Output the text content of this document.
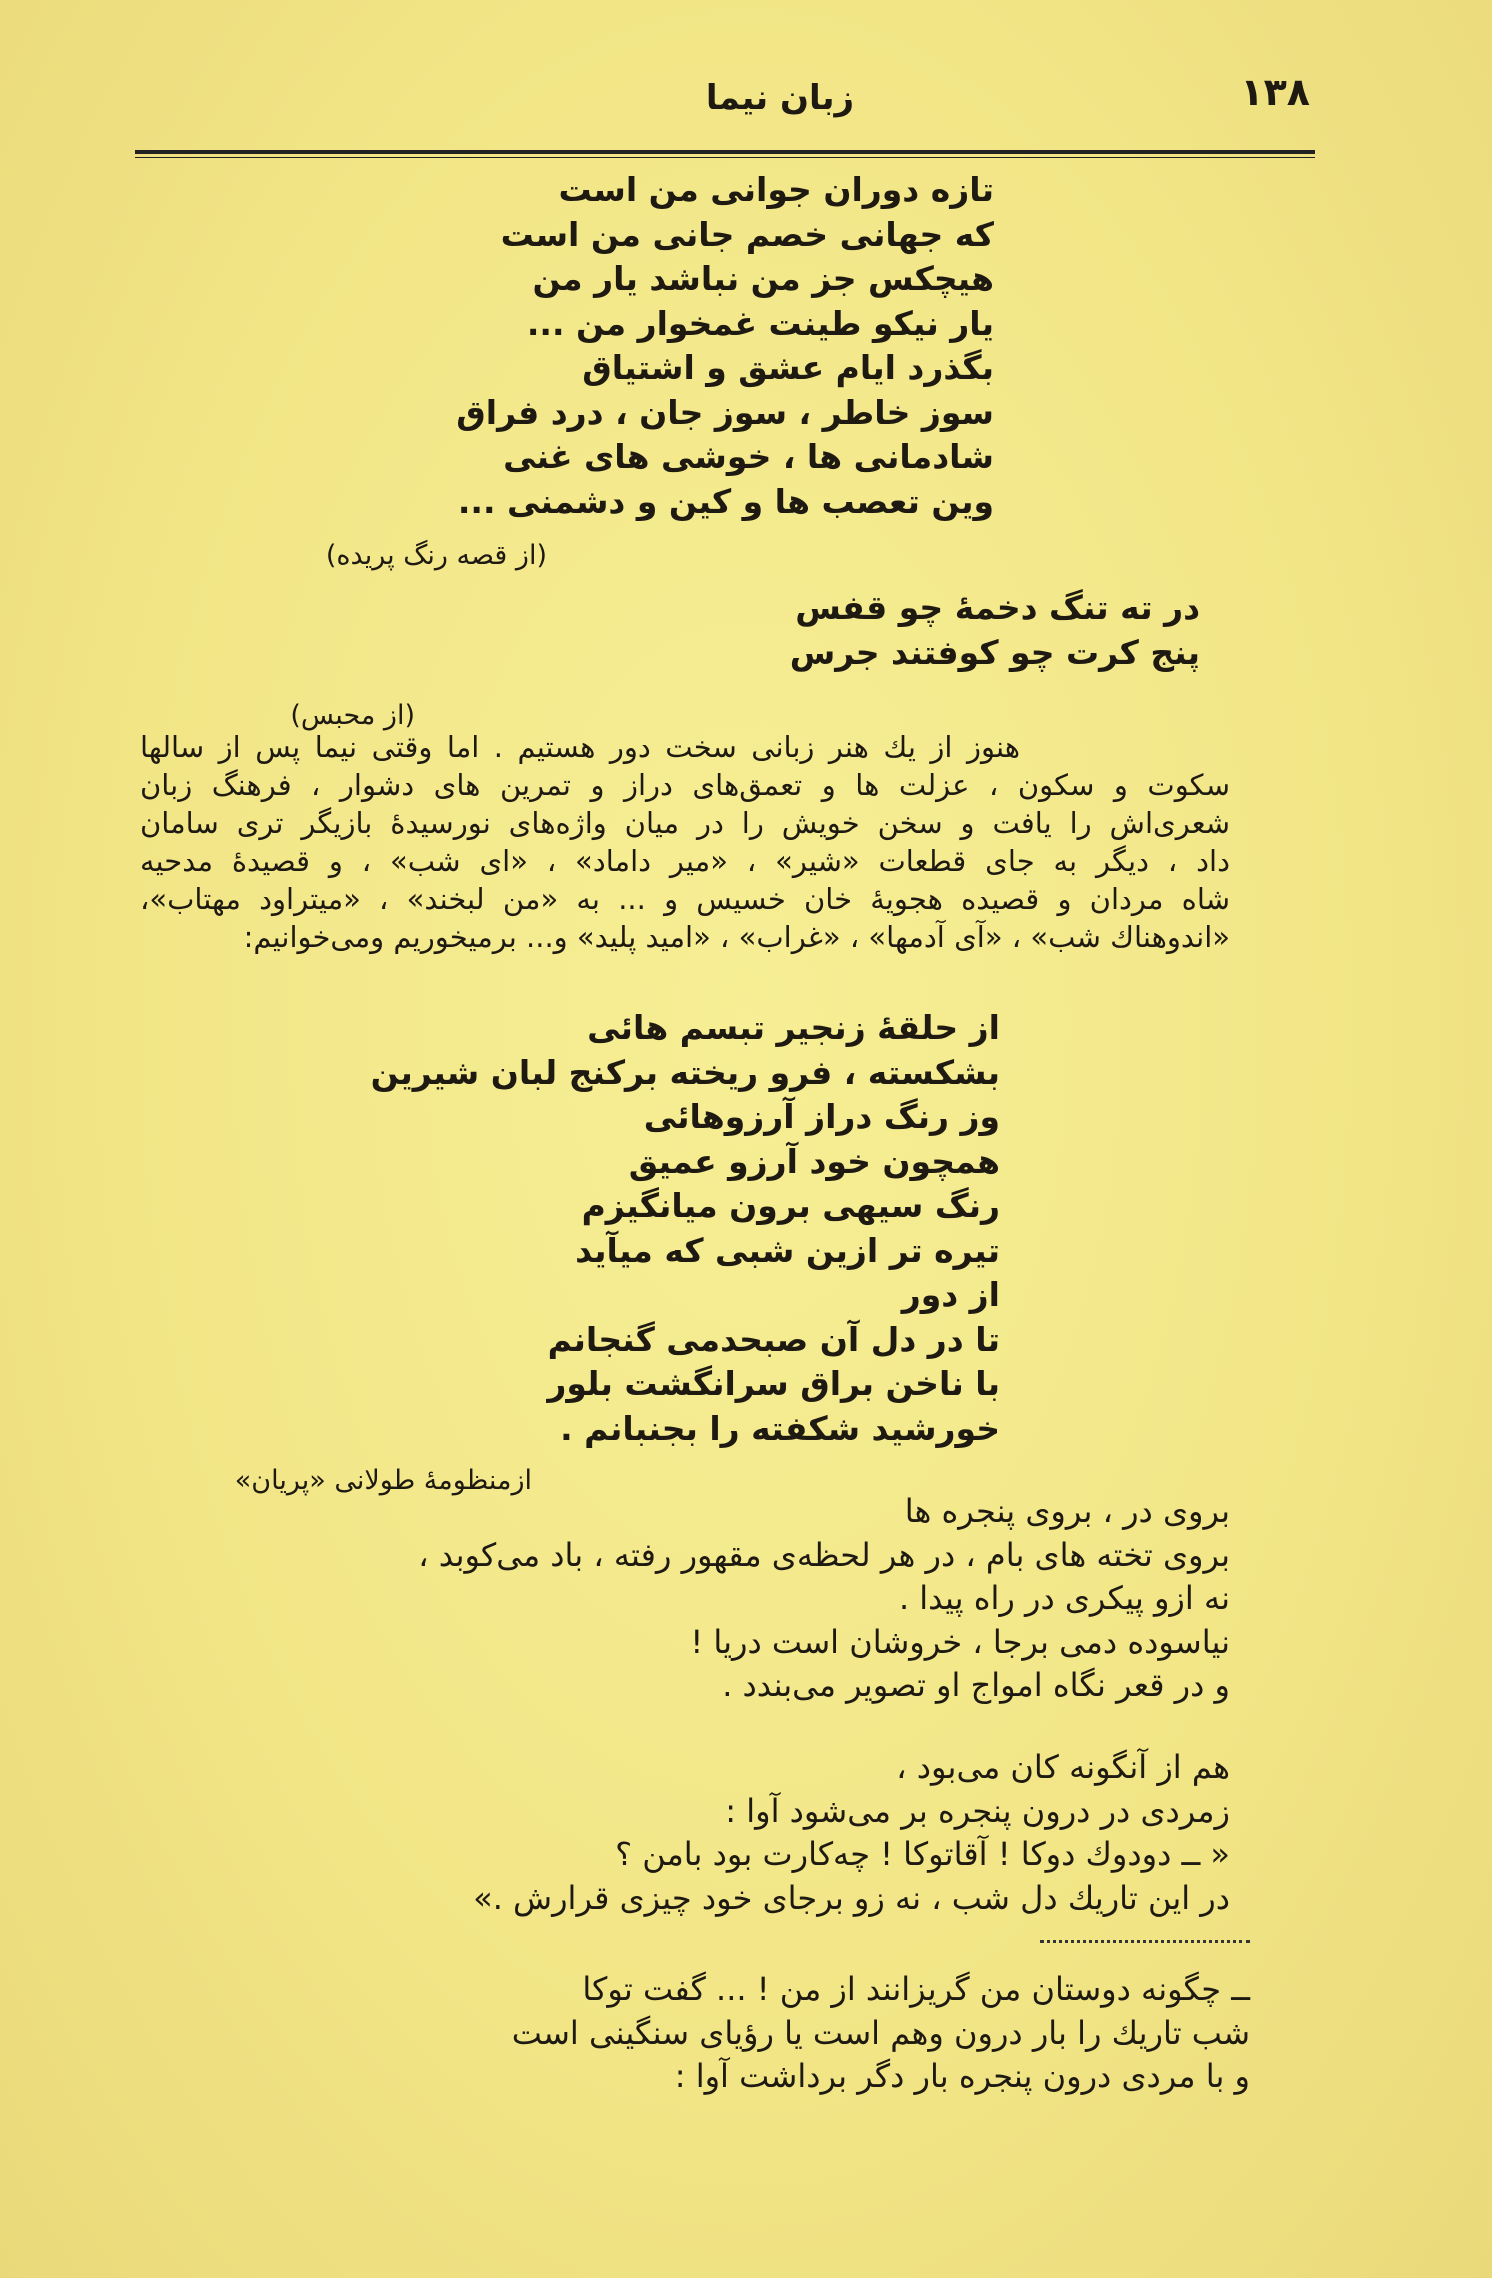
۱۳۸
زبان نیما
تازه دوران جوانی من است
که جهانی خصم جانی من است
هیچکس جز من نباشد یار من
یار نیکو طینت غمخوار من ...
بگذرد ایام عشق و اشتیاق
سوز خاطر ، سوز جان ، درد فراق
شادمانی ها ، خوشی های غنی
وین تعصب ها و کین و دشمنی ...
(از قصه رنگ پریده)
در ته تنگ دخمهٔ چو قفس
پنج کرت چو کوفتند جرس
(از محبس)
هنوز از یك هنر زبانی سخت دور هستیم . اما وقتی نیما پس از سالها
سکوت و سکون ، عزلت ها و تعمق‌های دراز و تمرین های دشوار ، فرهنگ زبان
شعری‌اش را یافت و سخن خویش را در میان واژه‌های نورسیدهٔ بازیگر تری سامان
داد ، دیگر به جای قطعات «شیر» ، «میر داماد» ، «ای شب» ، و قصیدهٔ مدحیه
شاه مردان و قصیده هجویهٔ خان خسیس و ... به «من لبخند» ، «میتراود مهتاب»،
«اندوهناك شب» ، «آی آدمها» ، «غراب» ، «امید پلید» و... برمیخوریم ومی‌خوانیم:
از حلقهٔ زنجیر تبسم هائی
بشکسته ، فرو ریخته برکنج لبان شیرین
وز رنگ دراز آرزوهائی
همچون خود آرزو عمیق
رنگ سیهی برون میانگیزم
تیره تر ازین شبی که میآید
از دور
تا در دل آن صبحدمی گنجانم
با ناخن براق سرانگشت بلور
خورشید شکفته را بجنبانم .
ازمنظومهٔ طولانی «پریان»
بروی در ، بروی پنجره ها
بروی تخته های بام ، در هر لحظه‌ی مقهور رفته ، باد می‌کوبد ،
نه ازو پیکری در راه پیدا .
نیاسوده دمی برجا ، خروشان است دریا !
و در قعر نگاه امواج او تصویر می‌بندد .
هم از آنگونه کان می‌بود ،
زمردی در درون پنجره بر می‌شود آوا :
« ــ دودوك دوكا ! آقاتوكا ! چه‌کارت بود بامن ؟
در این تاریك دل شب ، نه زو برجای خود چیزی قرارش .»
ــ چگونه دوستان من گریزانند از من ! ... گفت توکا
شب تاریك را بار درون وهم است یا رؤیای سنگینی است
و با مردی درون پنجره بار دگر برداشت آوا :
